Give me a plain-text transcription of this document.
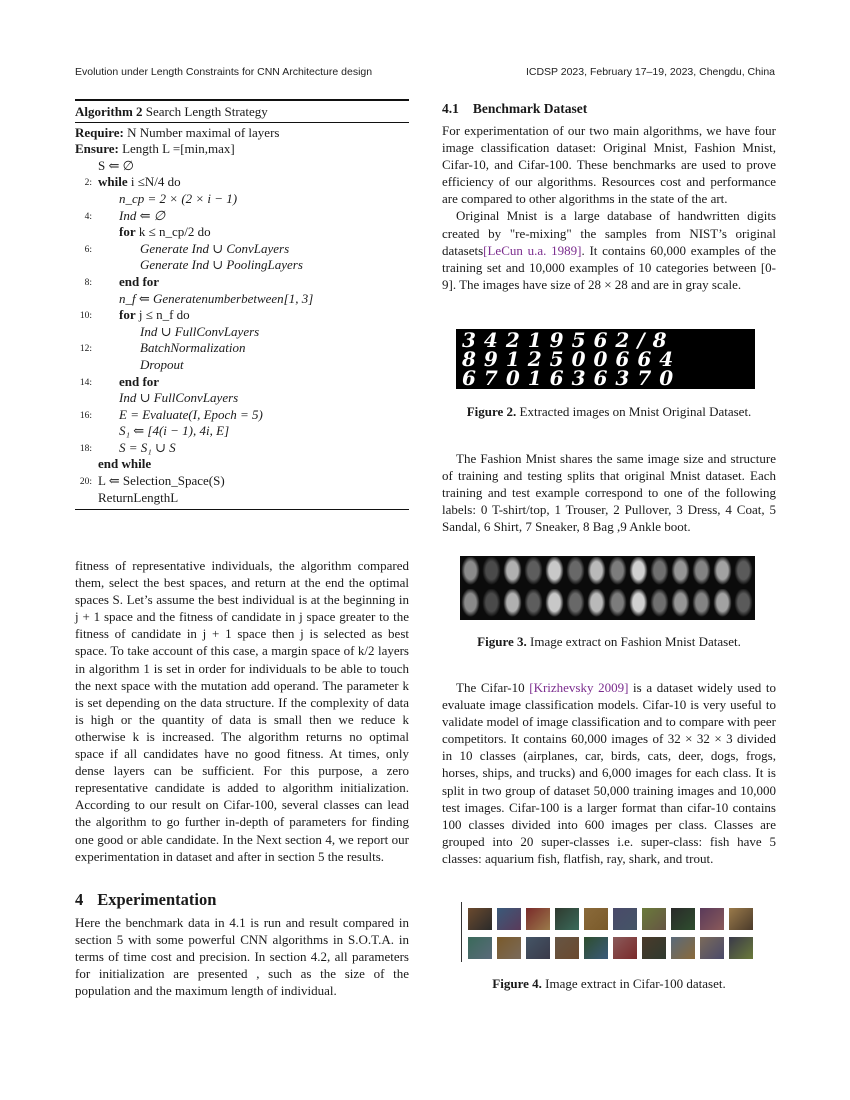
Evolution under Length Constraints for CNN Architecture design	ICDSP 2023, February 17–19, 2023, Chengdu, China
Algorithm 2 Search Length Strategy
Require: N Number maximal of layers
Ensure: Length L =[min,max]
S ⇐ ∅
2: while i ≤N/4 do
n_cp = 2 × (2 × i − 1)
4: Ind ⇐ ∅
for k ≤ n_cp/2 do
6:	Generate Ind ∪ ConvLayers
Generate Ind ∪ PoolingLayers
8: end for
n_f ⇐ Generatenumberbetween[1, 3]
10: for j ≤ n_f do
Ind ∪ FullConvLayers
12:	BatchNormalization
Dropout
14: end for
Ind ∪ FullConvLayers
16: E = Evaluate(I, Epoch = 5)
S₁ ⇐ [4(i − 1), 4i, E]
18: S = S₁ ∪ S
end while
20: L ⇐ Selection_Space(S)
ReturnLengthL

fitness of representative individuals, the algorithm compared them, select the best spaces, and return at the end the optimal spaces S. Let’s assume the best individual is at the beginning in j + 1 space and the fitness of candidate in j space greater to the fitness of candidate in j + 1 space then j is selected as best space. To take account of this case, a margin space of k/2 layers in algorithm 1 is set in order for individuals to be able to touch the next space with the mutation add operand. The parameter k is set depending on the data structure. If the complexity of data is high or the quantity of data is small then we reduce k otherwise k is increased. The algorithm returns no optimal space if all candidates have no good fitness. At times, only dense layers can be sufficient. For this purpose, a zero representative candidate is added to algorithm initialization. According to our result on Cifar-100, several classes can lead the algorithm to go further in-depth of parameters for finding one good or able candidate. In the Next section 4, we report our experimentation in dataset and after in section 5 the results.

4 Experimentation

Here the benchmark data in 4.1 is run and result compared in section 5 with some powerful CNN algorithms in S.O.T.A. in terms of time cost and precision. In section 4.2, all parameters for initialization are presented , such as the size of the population and the maximum length of individual.

4.1 Benchmark Dataset

For experimentation of our two main algorithms, we have four image classification dataset: Original Mnist, Fashion Mnist, Cifar-10, and Cifar-100. These benchmarks are used to prove efficiency of our algorithms. Resources cost and performance are compared to other algorithms in the state of the art.

Original Mnist is a large database of handwritten digits created by "re-mixing" the samples from NIST’s original datasets[LeCun u.a. 1989]. It contains 60,000 examples of the training set and 10,000 examples of 10 categories between [0-9]. The images have size of 28 × 28 and are in gray scale.

34219562/8
8912500664
6701636370
Figure 2. Extracted images on Mnist Original Dataset.

The Fashion Mnist shares the same image size and structure of training and testing splits that original Mnist dataset. Each training and test example correspond to one of the following labels: 0 T-shirt/top, 1 Trouser, 2 Pullover, 3 Dress, 4 Coat, 5 Sandal, 6 Shirt, 7 Sneaker, 8 Bag ,9 Ankle boot.

Figure 3. Image extract on Fashion Mnist Dataset.

The Cifar-10 [Krizhevsky 2009] is a dataset widely used to evaluate image classification models. Cifar-10 is very useful to validate model of image classification and to compare with peer competitors. It contains 60,000 images of 32 × 32 × 3 divided in 10 classes (airplanes, car, birds, cats, deer, dogs, frogs, horses, ships, and trucks) and 6,000 images for each class. It is split in two group of dataset 50,000 training images and 10,000 test images. Cifar-100 is a larger format than cifar-10 contains 100 classes divided into 600 images per class. Classes are grouped into 20 super-classes i.e. super-class: fish have 5 classes: aquarium fish, flatfish, ray, shark, and trout.

Figure 4. Image extract in Cifar-100 dataset.
